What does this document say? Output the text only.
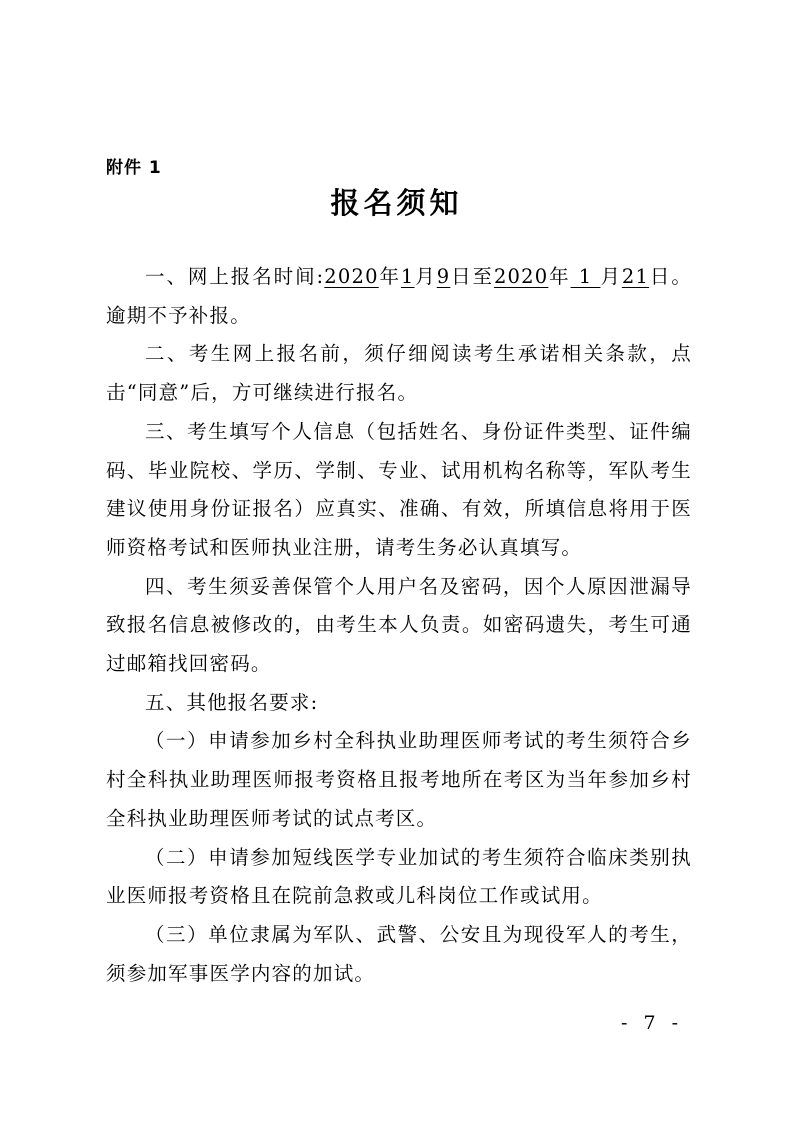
附件 1
报名须知

一、网上报名时间:2020年1月9日至2020年 1 月21日。逾期不予补报。

二、考生网上报名前，须仔细阅读考生承诺相关条款，点击“同意”后，方可继续进行报名。

三、考生填写个人信息（包括姓名、身份证件类型、证件编码、毕业院校、学历、学制、专业、试用机构名称等，军队考生建议使用身份证报名）应真实、准确、有效，所填信息将用于医师资格考试和医师执业注册，请考生务必认真填写。

四、考生须妥善保管个人用户名及密码，因个人原因泄漏导致报名信息被修改的，由考生本人负责。如密码遗失，考生可通过邮箱找回密码。

五、其他报名要求:

（一）申请参加乡村全科执业助理医师考试的考生须符合乡村全科执业助理医师报考资格且报考地所在考区为当年参加乡村全科执业助理医师考试的试点考区。

（二）申请参加短线医学专业加试的考生须符合临床类别执业医师报考资格且在院前急救或儿科岗位工作或试用。

（三）单位隶属为军队、武警、公安且为现役军人的考生，须参加军事医学内容的加试。

- 7 -
